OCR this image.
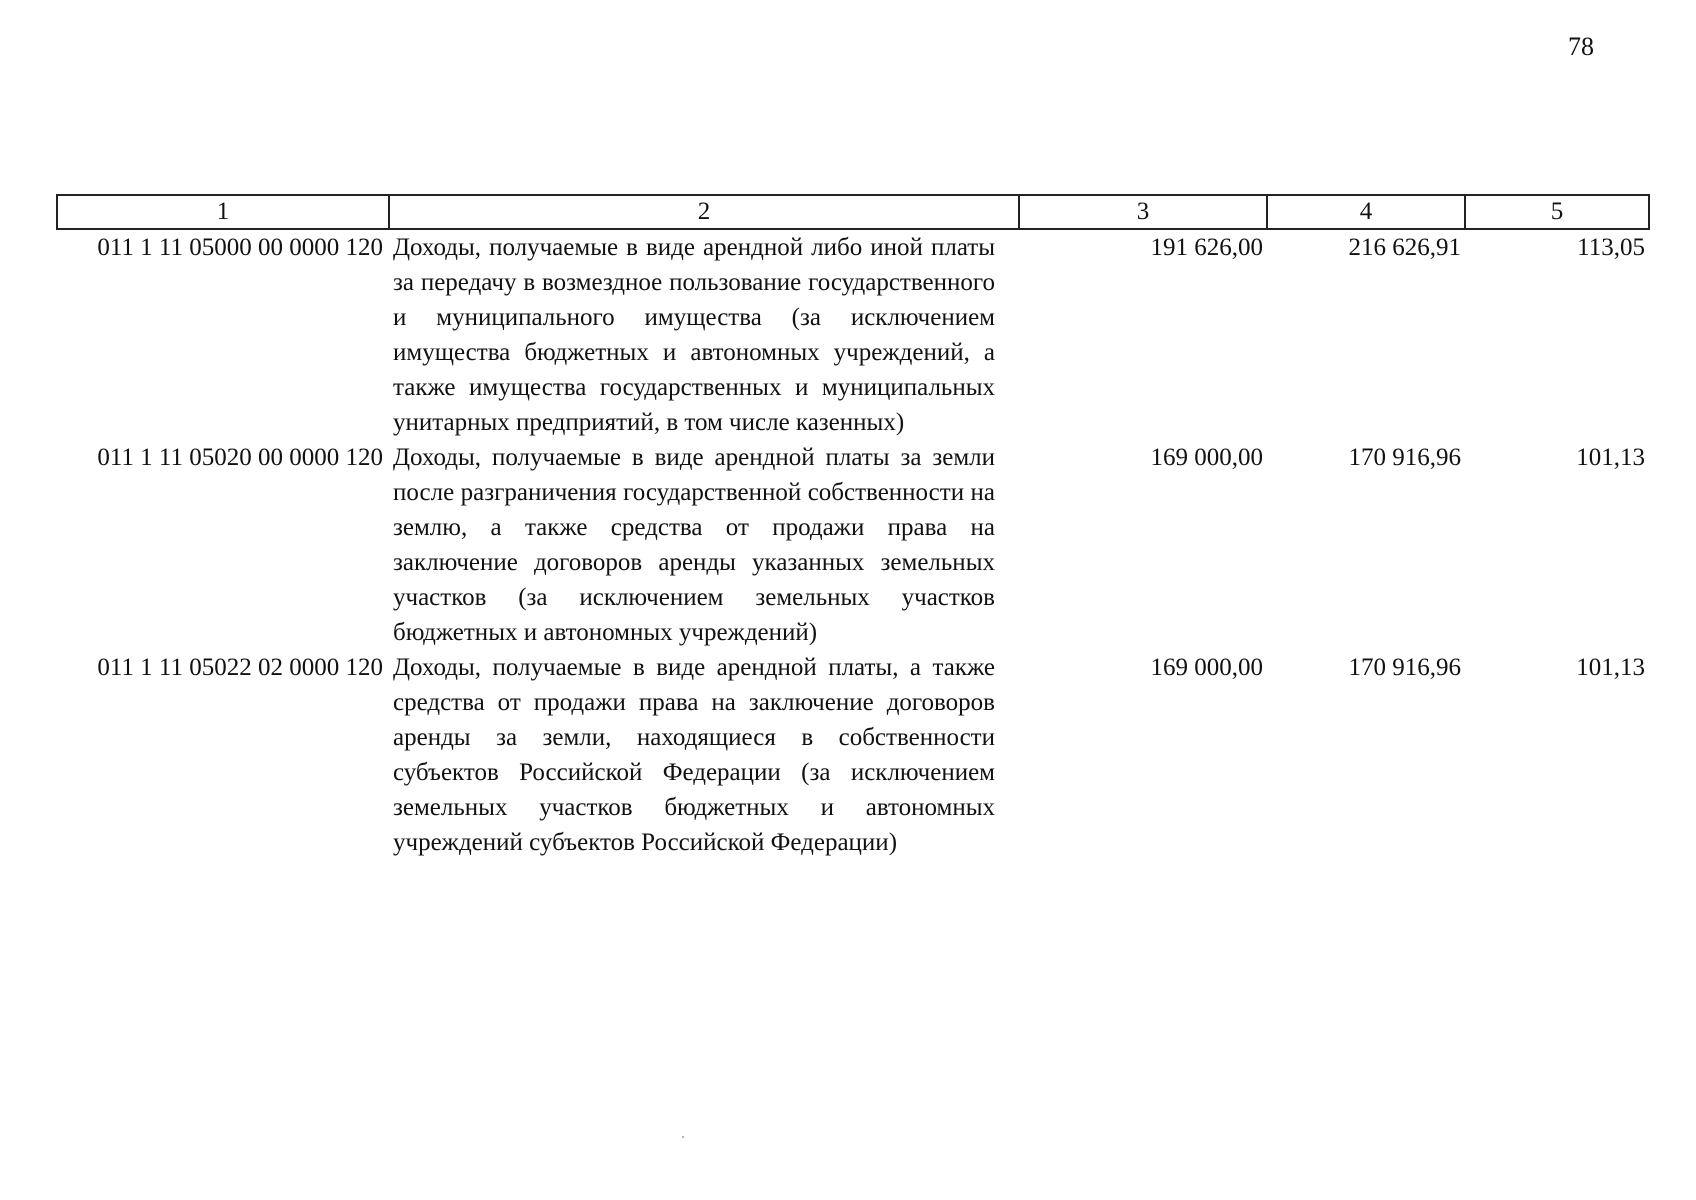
78
1	2	3	4	5
011 1 11 05000 00 0000 120	Доходы, получаемые в виде арендной либо иной платы за передачу в возмездное пользование государственного и муниципального имущества (за исключением имущества бюджетных и автономных учреждений, а также имущества государственных и муниципальных унитарных предприятий, в том числе казенных)	191 626,00	216 626,91	113,05
011 1 11 05020 00 0000 120	Доходы, получаемые в виде арендной платы за земли после разграничения государственной собственности на землю, а также средства от продажи права на заключение договоров аренды указанных земельных участков (за исключением земельных участков бюджетных и автономных учреждений)	169 000,00	170 916,96	101,13
011 1 11 05022 02 0000 120	Доходы, получаемые в виде арендной платы, а также средства от продажи права на заключение договоров аренды за земли, находящиеся в собственности субъектов Российской Федерации (за исключением земельных участков бюджетных и автономных учреждений субъектов Российской Федерации)	169 000,00	170 916,96	101,13
